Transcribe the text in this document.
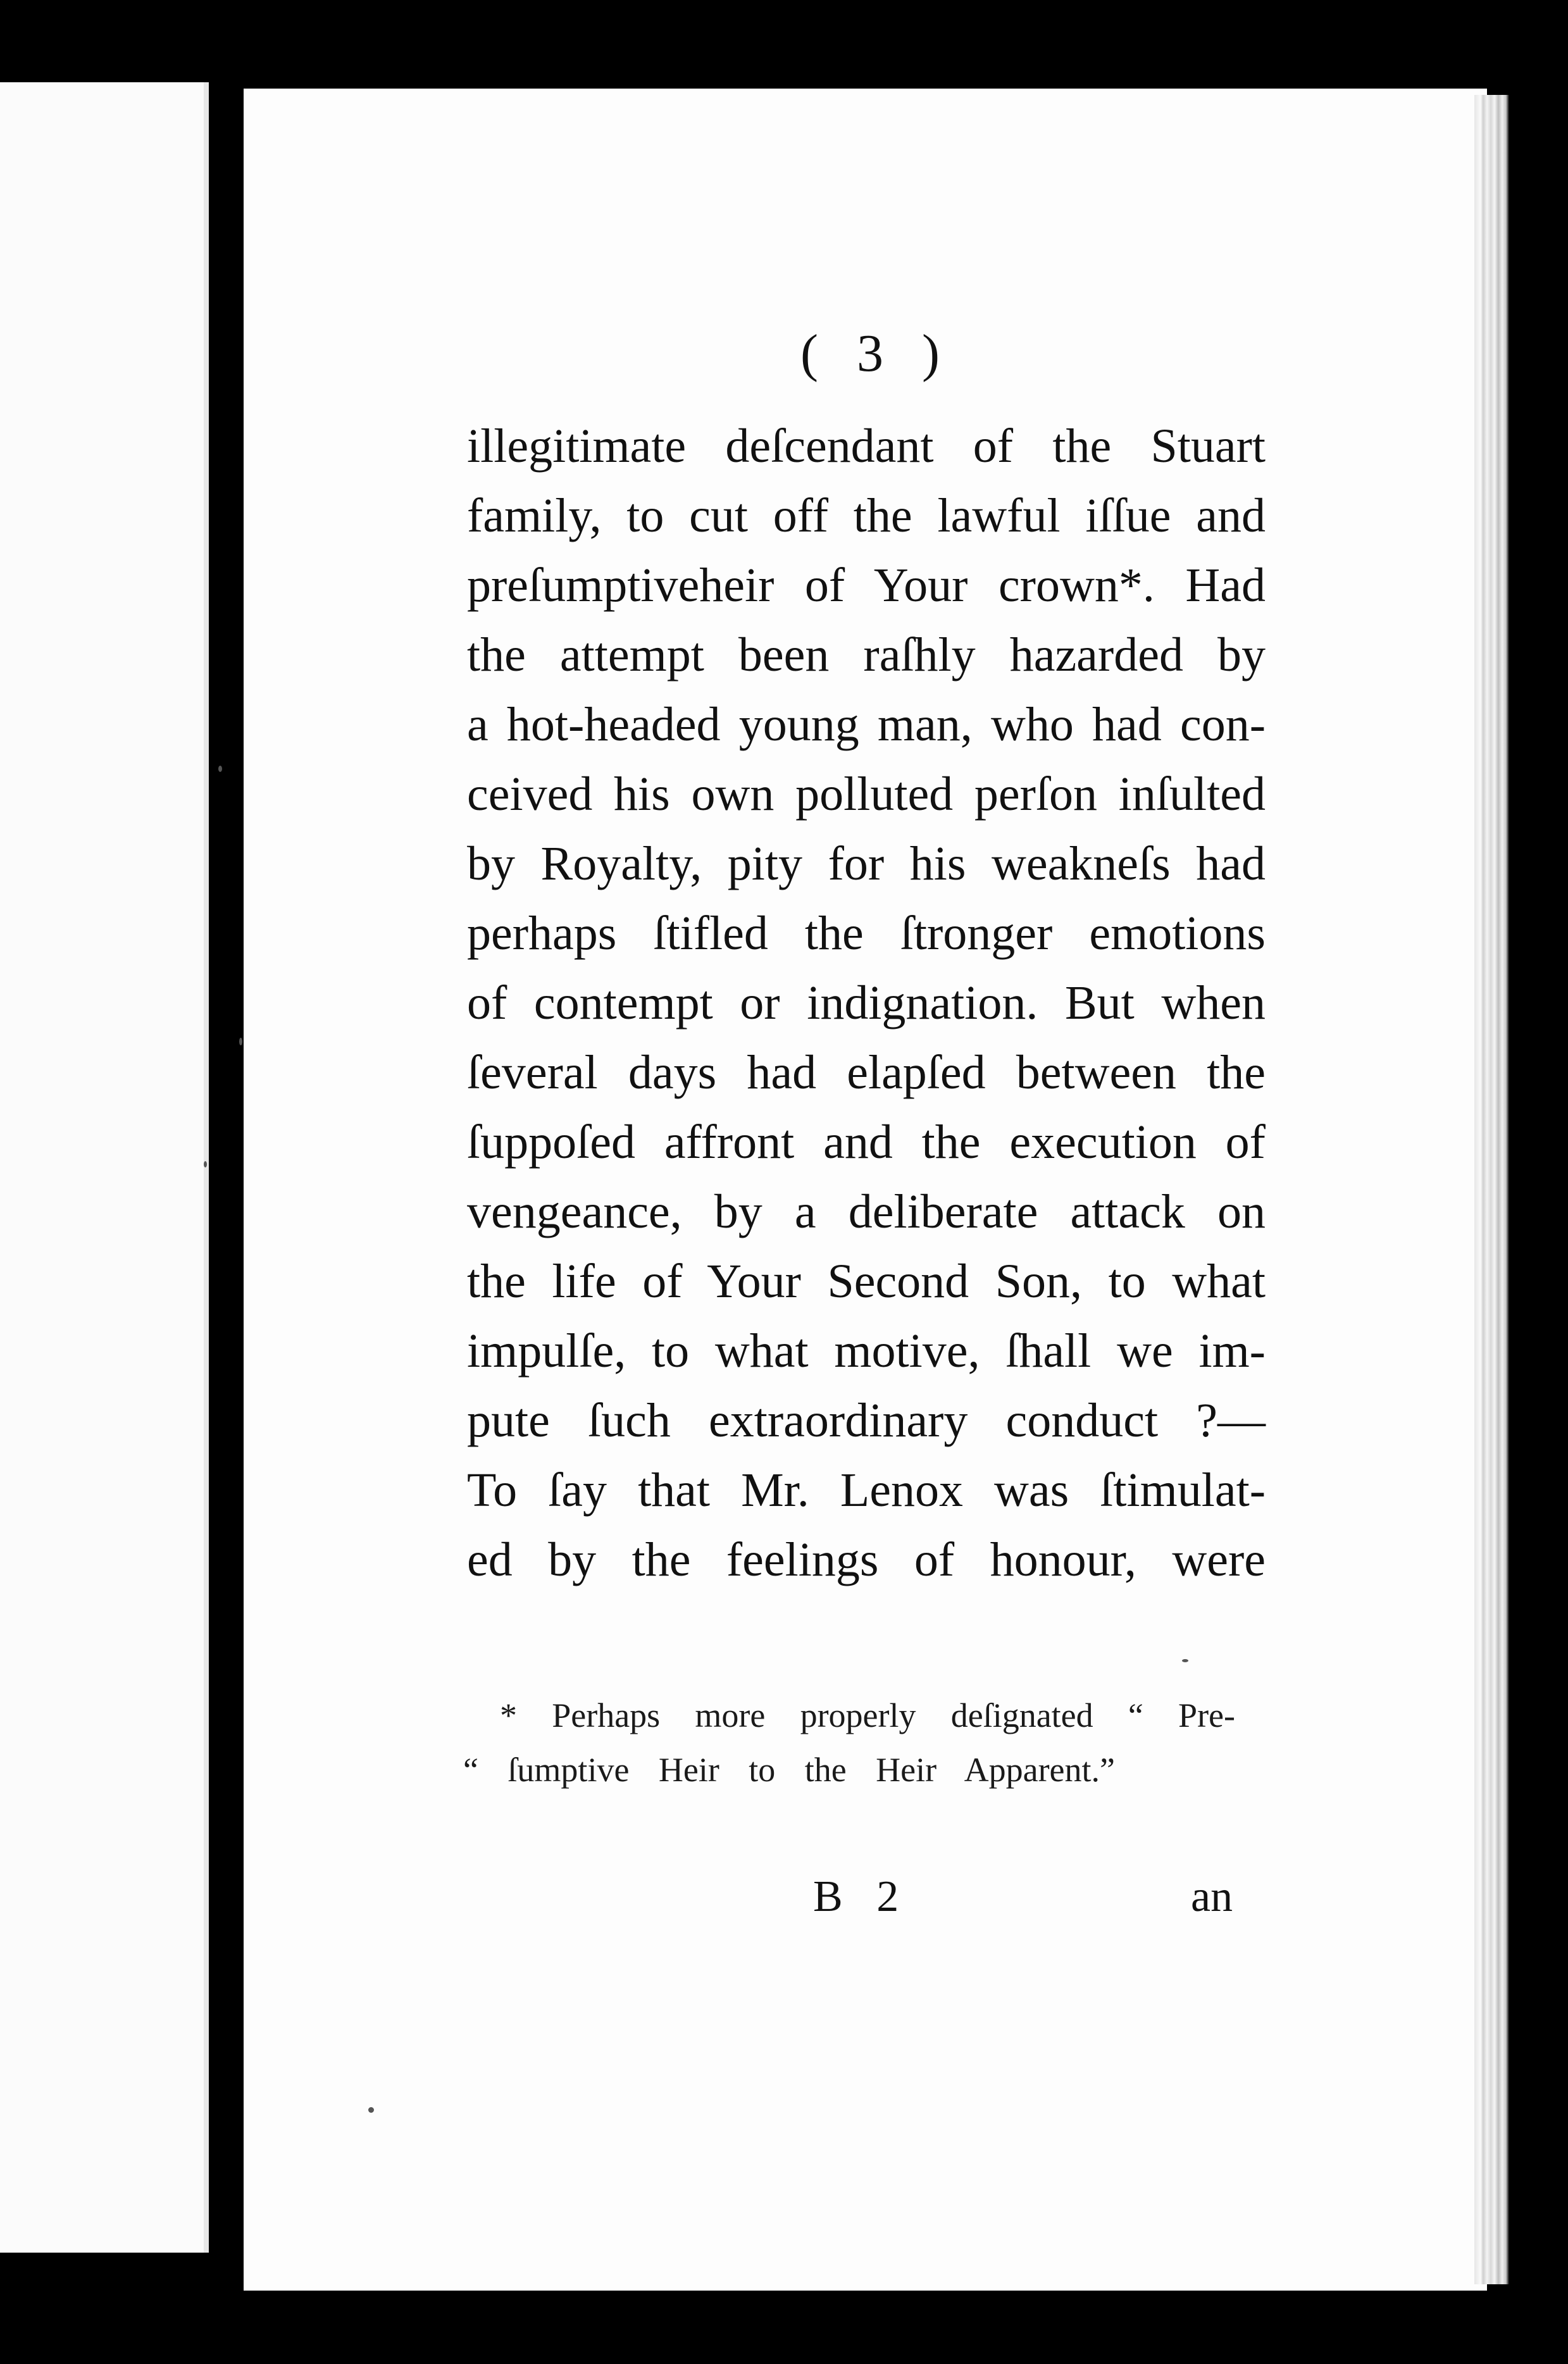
( 3 )
illegitimate deſcendant of the Stuart
family, to cut off the lawful iſſue and
preſumptiveheir of Your crown*. Had
the attempt been raſhly hazarded by
a hot-headed young man, who had con-
ceived his own polluted perſon inſulted
by Royalty, pity for his weakneſs had
perhaps ſtifled the ſtronger emotions
of contempt or indignation. But when
ſeveral days had elapſed between the
ſuppoſed affront and the execution of
vengeance, by a deliberate attack on
the life of Your Second Son, to what
impulſe, to what motive, ſhall we im-
pute ſuch extraordinary conduct ?—
To ſay that Mr. Lenox was ſtimulat-
ed by the feelings of honour, were
* Perhaps more properly deſignated “ Pre-
“ ſumptive Heir to the Heir Apparent.”
B 2	an
